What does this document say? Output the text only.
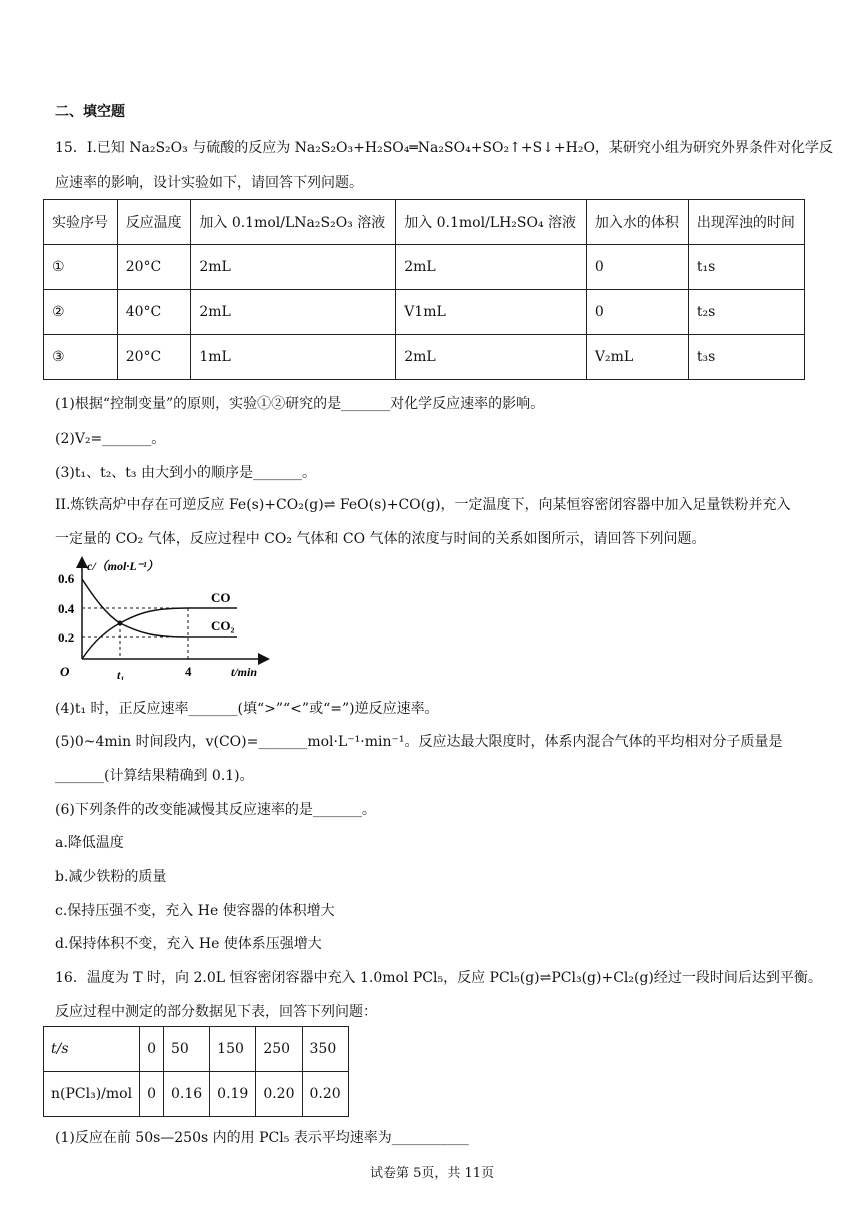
二、填空题
15．I.已知 Na₂S₂O₃ 与硫酸的反应为 Na₂S₂O₃+H₂SO₄═Na₂SO₄+SO₂↑+S↓+H₂O，某研究小组为研究外界条件对化学反
应速率的影响，设计实验如下，请回答下列问题。
实验序号	反应温度	加入 0.1mol/LNa₂S₂O₃ 溶液	加入 0.1mol/LH₂SO₄ 溶液	加入水的体积	出现浑浊的时间
①	20°C	2mL	2mL	0	t₁s
②	40°C	2mL	V1mL	0	t₂s
③	20°C	1mL	2mL	V₂mL	t₃s
(1)根据“控制变量”的原则，实验①②研究的是_______对化学反应速率的影响。
(2)V₂=_______。
(3)t₁、t₂、t₃ 由大到小的顺序是_______。
II.炼铁高炉中存在可逆反应 Fe(s)+CO₂(g)⇌ FeO(s)+CO(g)，一定温度下，向某恒容密闭容器中加入足量铁粉并充入
一定量的 CO₂ 气体，反应过程中 CO₂ 气体和 CO 气体的浓度与时间的关系如图所示，请回答下列问题。
c/（mol·L⁻¹）
t/min
0.6
0.4
0.2
O	t₁	4
CO
CO₂
(4)t₁ 时，正反应速率_______(填“>”“<”或“=”)逆反应速率。
(5)0~4min 时间段内，v(CO)=_______mol·L⁻¹·min⁻¹。反应达最大限度时，体系内混合气体的平均相对分子质量是
_______(计算结果精确到 0.1)。
(6)下列条件的改变能减慢其反应速率的是_______。
a.降低温度
b.减少铁粉的质量
c.保持压强不变，充入 He 使容器的体积增大
d.保持体积不变，充入 He 使体系压强增大
16．温度为 T 时，向 2.0L 恒容密闭容器中充入 1.0mol PCl₅，反应 PCl₅(g)⇌PCl₃(g)+Cl₂(g)经过一段时间后达到平衡。
反应过程中测定的部分数据见下表，回答下列问题：
t/s	0	50	150	250	350
n(PCl₃)/mol	0	0.16	0.19	0.20	0.20
(1)反应在前 50s—250s 内的用 PCl₅ 表示平均速率为___________
试卷第 5页，共 11页
